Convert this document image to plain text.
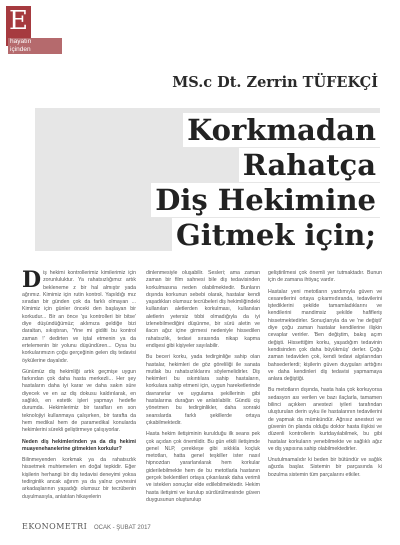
E
hayatın
içinden
MS.c Dt. Zerrin TÜFEKÇİ
Korkmadan
Rahatça
Diş Hekimine
Gitmek için;
D iş hekimi kontrollerimiz kimilerimiz için zorunluluktur. Ya rahatsızlığımız artık bekleneme z bir hal almıştır yada ağrımız. Kimimiz için rutin kontrol. Yapıldığı mız sıradan bir günden çok da farklı olmayan ... Kimimiz için günler önceki den başlayan bir korkudur... Bir an önce 'şu kontrolleri bir bitse' diye düşündüğümüz; aklımıza geldiğe bizi daraltan, sıkıştıran, 'Yine mi gidilti bu kontrol zaman !' dedirten ve iştal etmenin ya da ertelemenin bir yolunu düşündüren... Oysa bu korkularımızın çoğu gerçeğinin gelen diş tedavisi öykülerine dayalıdır.

Günümüz diş hekimliği artık geçmişe uygun farkından çok daha hasta merkezli... Her şey hastaların daha iyi karar ve daha sakın süre diyecek ve en az diş dokusu kaldırılarak, en sağlıklı, en estetik işleri yapmayı hedefle durumda. Hekimlerimiz bir tarafları en son teknolojiyi kullanmaya çalışırken, bir tarafta da hem medikal hem de paramedikal konularda hekimlerini sürekli geliştirmeye çalışıyorlar.

Neden diş hekimlerinden ya da diş hekimi muayenehanelerine gitmekten korkulur?

Bilinmeyenden korkmak ya da rahatsızlık hissetmek muhtemelen en doğal tepkidir. Eğer kişilerin herhangi bir diş tedavisi deneyimi yoksa tedirginlik ancak ağırım ya da yalnız çevresini arkadaşlarının yaşadığı olumsuz bir tecrübenin duyulmasıyla, anlatılan hikayelerin

dinlenmesiyle oluşabilir. Sesleri; ama zaman zaman bir film sahnesi bile diş tedavisinden korkulmasına neden olabilmektedir. Bunların dışında korkunun sebebi olarak, hastalar kendi yaşadıkları olumsuz tecrübeleri diş hekimliğindeki kullanılan aletlerden korkulması, kullanılan aletlerin yetersiz tıbbi olmadığıyla da iyi izlenebilmediğini düşünme, bir sürü aletin ve ilacın ağız içine girmesi nedeniyle hissedilen rahatsızlık, tedavi sırasında nikap kapma endişesi gibi kişiyeler sayılabilir.

Bu beceri korku, yada tedirginliğe sahip olan hastalar, hekimleri de göz göreliliği ile sanata mutlak bu rahatsızlıklarını söylemelidirler. Diş hekimleri bu ıskıntılara sahip hastaların, korkulara sahip etmeni için, uygun hareketlerinde davranırlar ve uygulama şekillerinin gibi hastalarına durağan ve anlatılabilir. Gündü ciş yönetmen bu tedirginlikler, daha sonraki seanslarda farklı şekillerde ortaya çıkabilmektedir.

Hasta hekim iletişiminin kurulduğu ilk seans pek çok açıdan çok önemlidir. Bu gün etkili iletişimde genel NLP, çerekleşe gibi sıklıkla koçluk metotları, hatta genel teşkiller ister nasıl hipnozdan yararlanılarak hem korkular giderilebilmekte hem de bu metotlarla hastanın gerçek beklentileri ortaya çıkarılarak daha verimli ve isteklen sonuçlar elde edilebilmektedir. Hekim hasta iletişimi ve kurulup sürdürülmesinde güven duygusunun oluşturulup

geliştirilmesi çok önemli yer tutmaktadır. Bunun için de zamana ihtiyaç vardır.

Hastalar yeni metotların yardımıyla güven ve cesaretlerini ortaya çıkarmıdıranda, tedavilerini iştediklerini şekilde tamamladıklarını ve kendilerini mandimsiz şekilde hafifleriş hissetmektedirler. Sonuçlarıyla da ve 'ne değişti' diye çoğu zaman hastalar kendilerine ilişkin cevaplar verirler. 'Ben değiştim, bakış açım değişti. Hissettiğim korku, yaşadığım tedavinin kendisinden çok daha büyükmüş' derler. Çoğu zaman tedaviden çok, kendi tedavi algılarından bahsederlerdi; kişilerin güven duyguları arttığını ve daha kendinleri diş tedavisi yapmamaya anlara değiştiği.

Bu metotların dışında, hasta hala çok korkuyorsa sedasyon ası verilen ve bazı ilaçlarla, tamamen bilinci açıkken anestezi iyileri tarafından uluşturulan derin uyku ile hastalarının tedavilerini de yapmak da mümkündür. Ağrısız anestezi ve güvenin ön planda olduğu doktor hasta ilişkisi ve düzenli kontrollerin kurtdayılabilmek, bu gibi hastalar korkuların yenebilmekte ve sağlıklı ağız ve diş yapısına sahip olabilmektedirler.

Unutulmamalıdır ki beden bir bütündür ve sağlık ağızda başlar. Sistemin bir parçasında ki bozulma sistemin tüm parçalarını etkiler.

EKONOMETRI OCAK - ŞUBAT 2017
